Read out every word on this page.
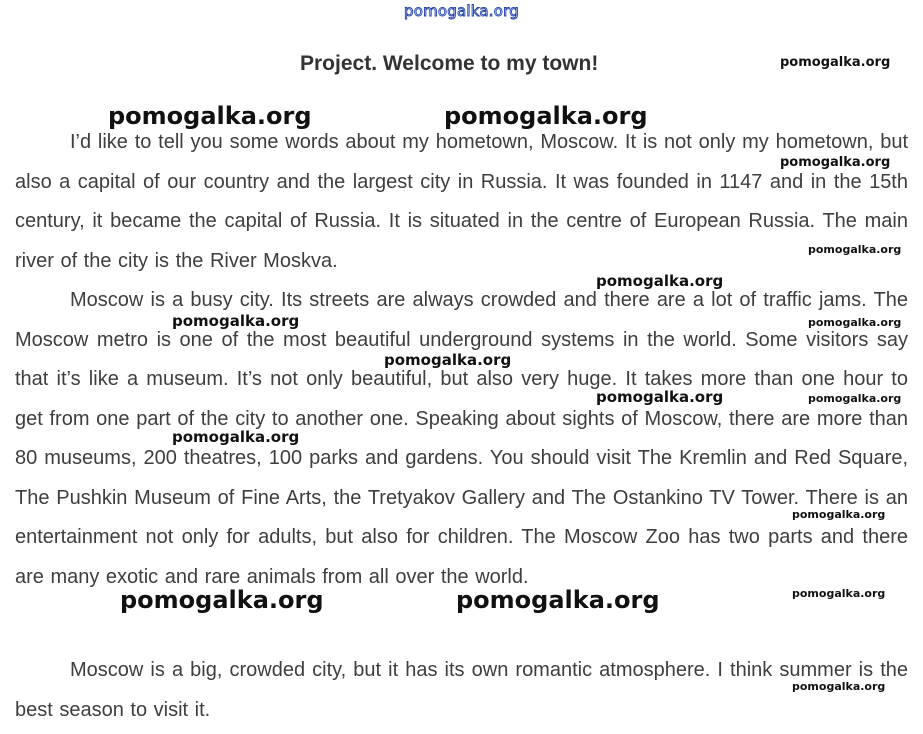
pomogalka.org
Project. Welcome to my town!

I’d like to tell you some words about my hometown, Moscow. It is not only my hometown, but also a capital of our country and the largest city in Russia. It was founded in 1147 and in the 15th century, it became the capital of Russia. It is situated in the centre of European Russia. The main river of the city is the River Moskva.

Moscow is a busy city. Its streets are always crowded and there are a lot of traffic jams. The Moscow metro is one of the most beautiful underground systems in the world. Some visitors say that it’s like a museum. It’s not only beautiful, but also very huge. It takes more than one hour to get from one part of the city to another one. Speaking about sights of Moscow, there are more than 80 museums, 200 theatres, 100 parks and gardens. You should visit The Kremlin and Red Square, The Pushkin Museum of Fine Arts, the Tretyakov Gallery and The Ostankino TV Tower. There is an entertainment not only for adults, but also for children. The Moscow Zoo has two parts and there are many exotic and rare animals from all over the world.

Moscow is a big, crowded city, but it has its own romantic atmosphere. I think summer is the best season to visit it.

pomogalka.org
pomogalka.org	pomogalka.org
pomogalka.org
pomogalka.org
pomogalka.org
pomogalka.org	pomogalka.org
pomogalka.org
pomogalka.org	pomogalka.org
pomogalka.org
pomogalka.org
pomogalka.org	pomogalka.org	pomogalka.org
pomogalka.org
